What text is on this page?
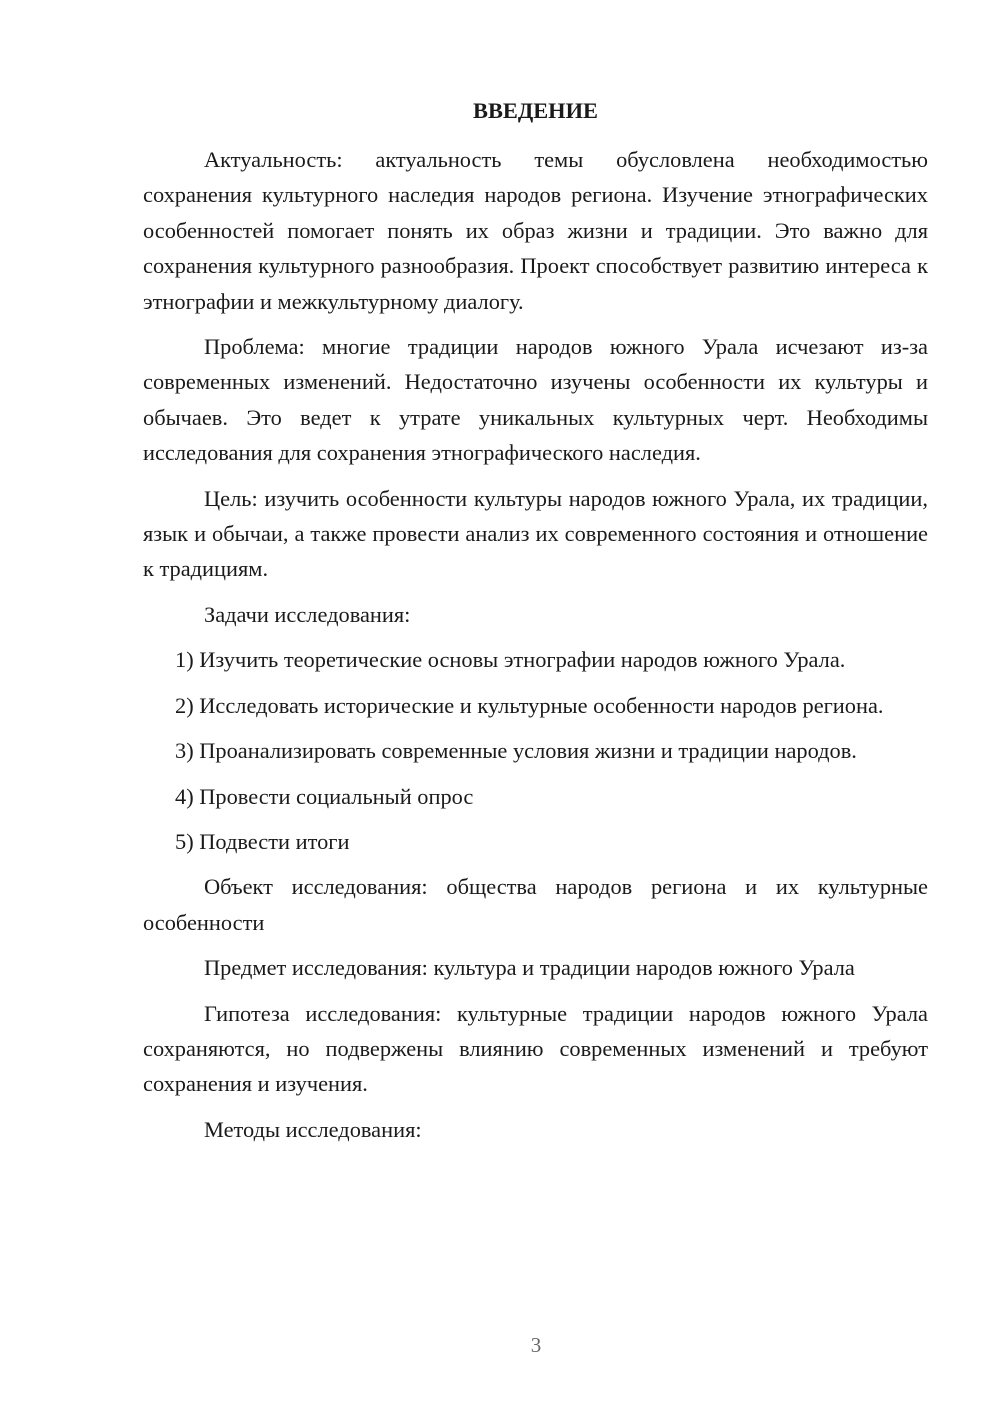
ВВЕДЕНИЕ

Актуальность: актуальность темы обусловлена необходимостью сохранения культурного наследия народов региона. Изучение этнографических особенностей помогает понять их образ жизни и традиции. Это важно для сохранения культурного разнообразия. Проект способствует развитию интереса к этнографии и межкультурному диалогу.

Проблема: многие традиции народов южного Урала исчезают из-за современных изменений. Недостаточно изучены особенности их культуры и обычаев. Это ведет к утрате уникальных культурных черт. Необходимы исследования для сохранения этнографического наследия.

Цель: изучить особенности культуры народов южного Урала, их традиции, язык и обычаи, а также провести анализ их современного состояния и отношение к традициям.

Задачи исследования:

1) Изучить теоретические основы этнографии народов южного Урала.

2) Исследовать исторические и культурные особенности народов региона.

3) Проанализировать современные условия жизни и традиции народов.

4) Провести социальный опрос

5) Подвести итоги

Объект исследования: общества народов региона и их культурные особенности

Предмет исследования: культура и традиции народов южного Урала

Гипотеза исследования: культурные традиции народов южного Урала сохраняются, но подвержены влиянию современных изменений и требуют сохранения и изучения.

Методы исследования:

3
